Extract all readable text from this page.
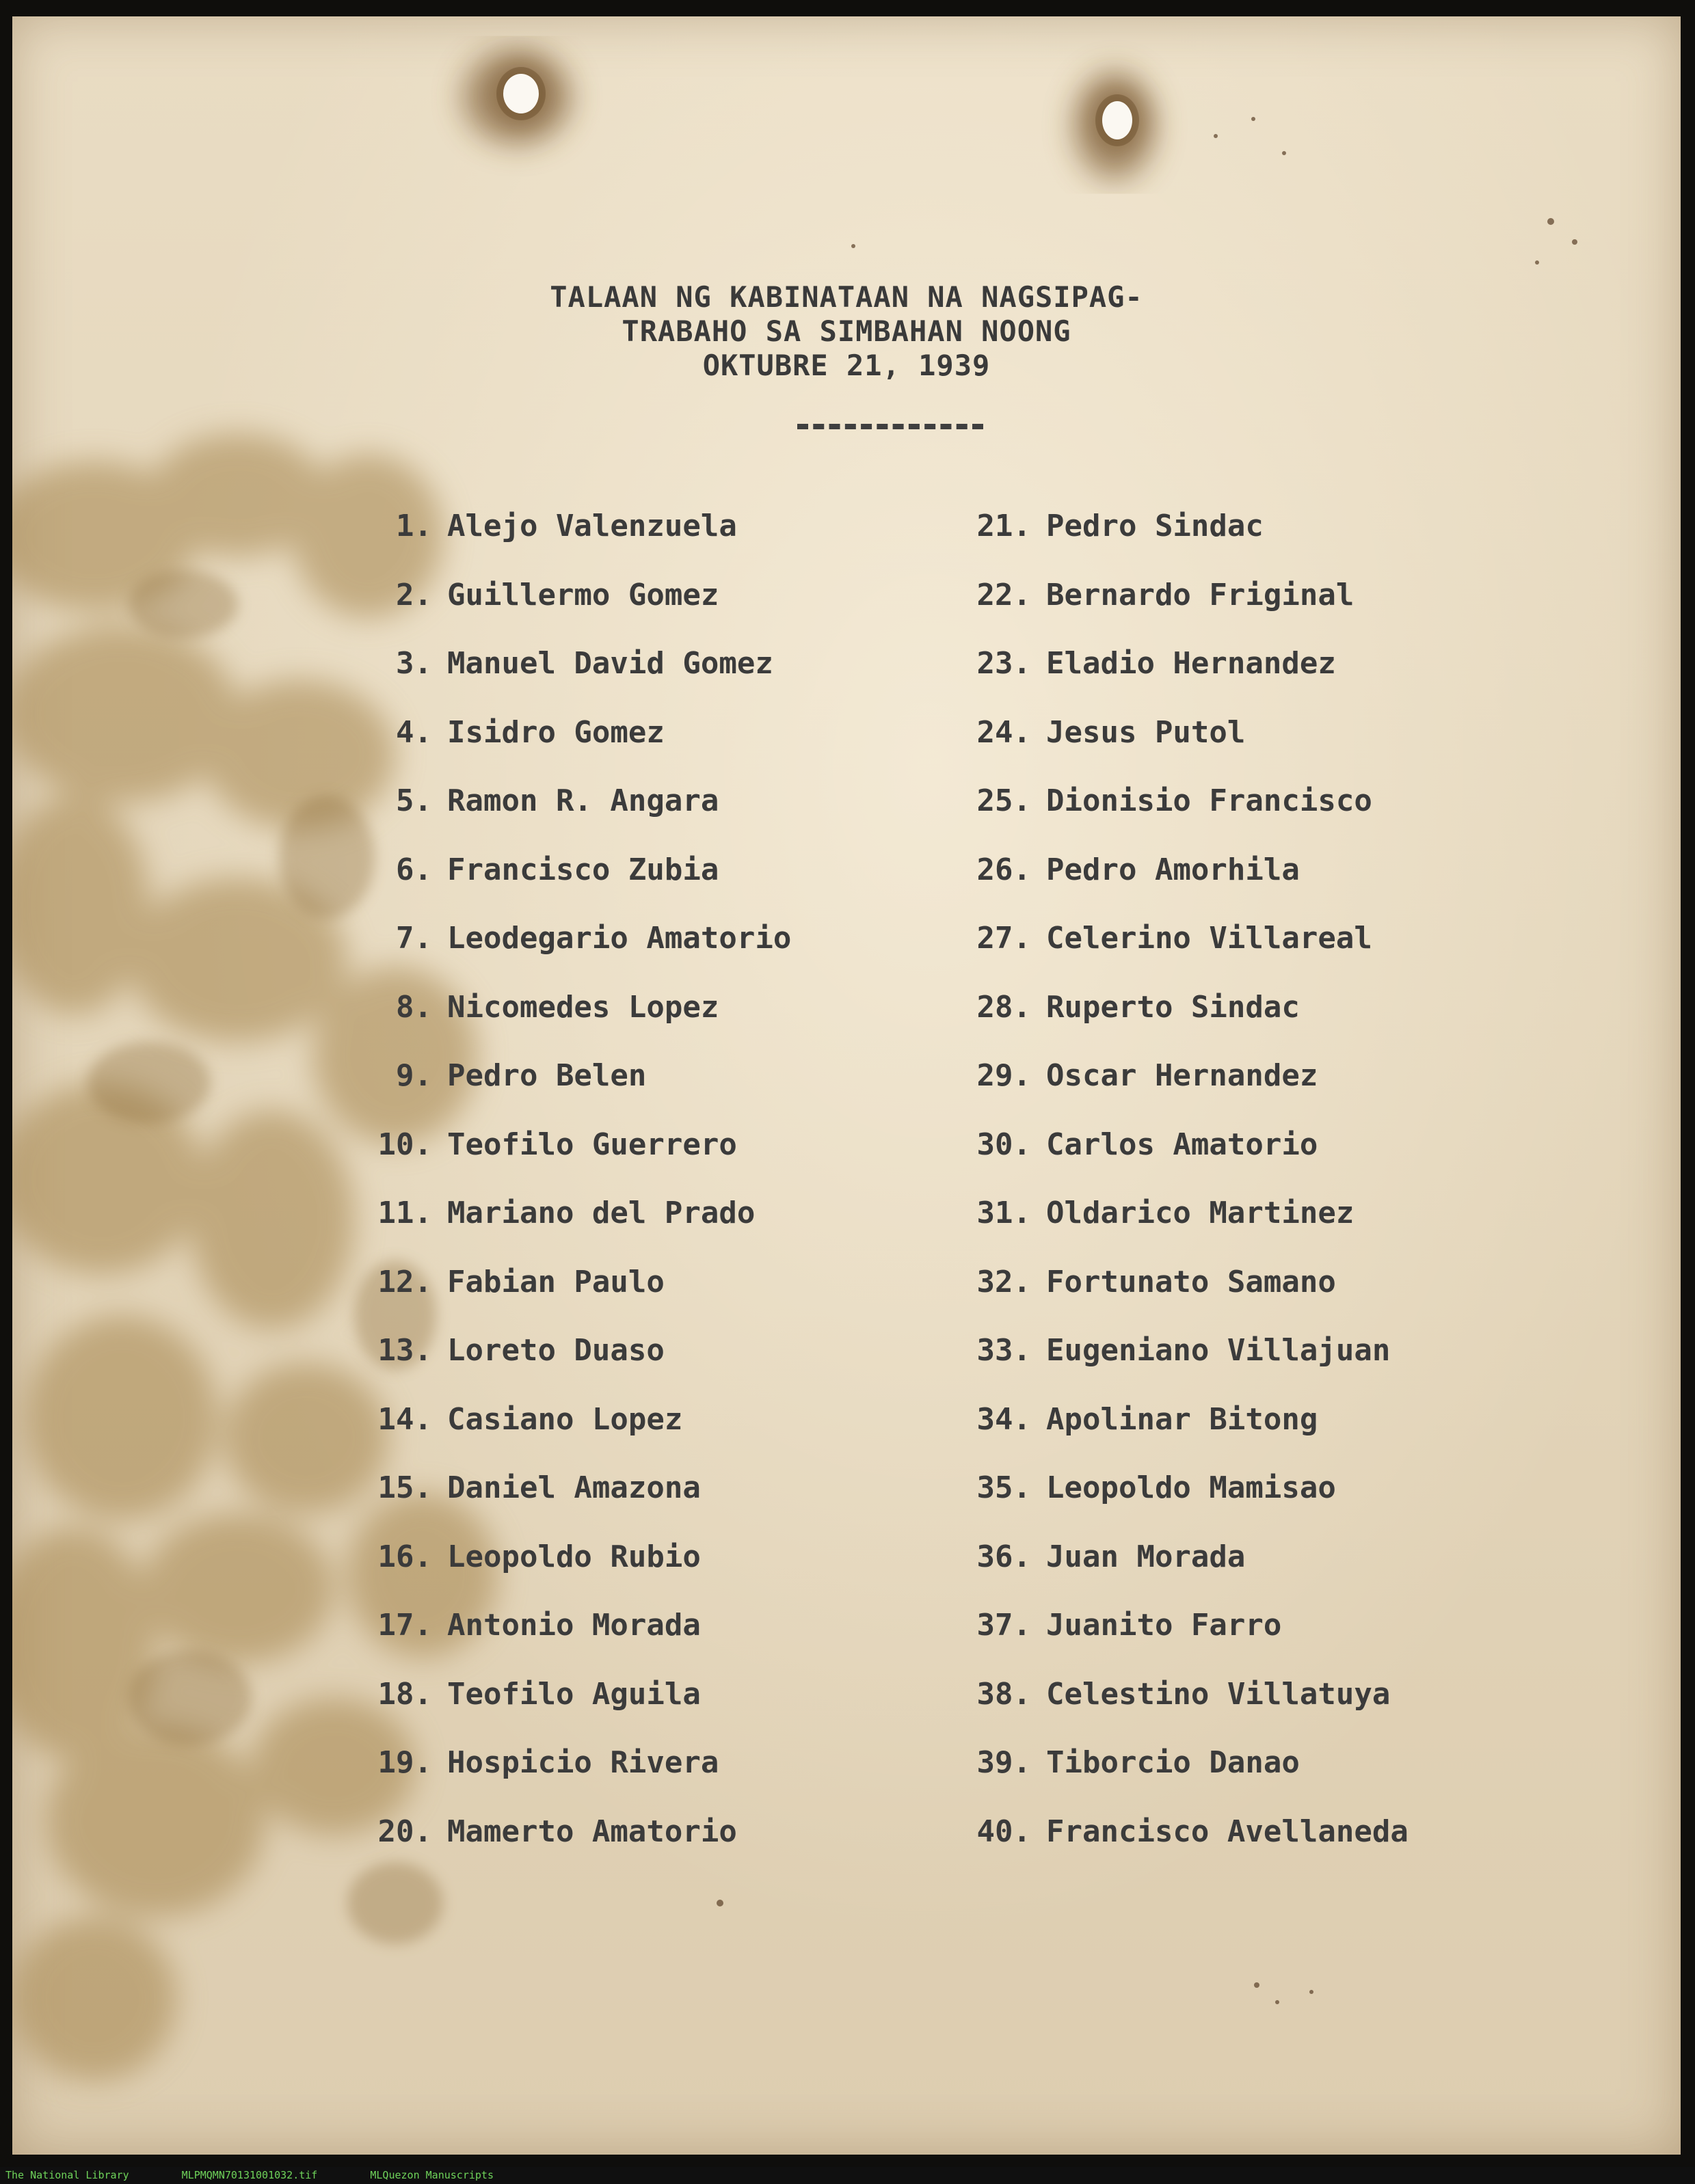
TALAAN NG KABINATAAN NA NAGSIPAG-
TRABAHO SA SIMBAHAN NOONG
OKTUBRE 21, 1939
1. Alejo Valenzuela
2. Guillermo Gomez
3. Manuel David Gomez
4. Isidro Gomez
5. Ramon R. Angara
6. Francisco Zubia
7. Leodegario Amatorio
8. Nicomedes Lopez
9. Pedro Belen
10. Teofilo Guerrero
11. Mariano del Prado
12. Fabian Paulo
13. Loreto Duaso
14. Casiano Lopez
15. Daniel Amazona
16. Leopoldo Rubio
17. Antonio Morada
18. Teofilo Aguila
19. Hospicio Rivera
20. Mamerto Amatorio
21. Pedro Sindac
22. Bernardo Friginal
23. Eladio Hernandez
24. Jesus Putol
25. Dionisio Francisco
26. Pedro Amorhila
27. Celerino Villareal
28. Ruperto Sindac
29. Oscar Hernandez
30. Carlos Amatorio
31. Oldarico Martinez
32. Fortunato Samano
33. Eugeniano Villajuan
34. Apolinar Bitong
35. Leopoldo Mamisao
36. Juan Morada
37. Juanito Farro
38. Celestino Villatuya
39. Tiborcio Danao
40. Francisco Avellaneda
The National Library	MLPMQMN70131001032.tif	MLQuezon Manuscripts
